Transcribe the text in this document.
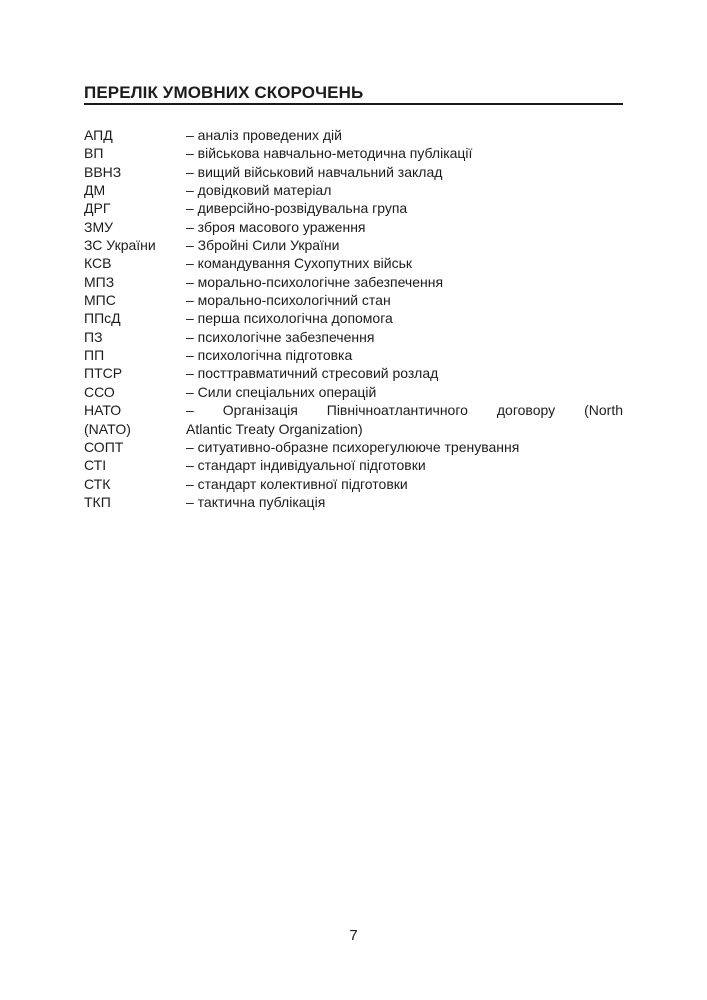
ПЕРЕЛІК УМОВНИХ СКОРОЧЕНЬ
АПД	– аналіз проведених дій
ВП	– військова навчально-методична публікації
ВВНЗ	– вищий військовий навчальний заклад
ДМ	– довідковий матеріал
ДРГ	– диверсійно-розвідувальна група
ЗМУ	– зброя масового ураження
ЗС України	– Збройні Сили України
КСВ	– командування Сухопутних військ
МПЗ	– морально-психологічне забезпечення
МПС	– морально-психологічний стан
ППсД	– перша психологічна допомога
ПЗ	– психологічне забезпечення
ПП	– психологічна підготовка
ПТСР	– посттравматичний стресовий розлад
ССО	– Сили спеціальних операцій
НАТО	– Організація Північноатлантичного договору (North
(NATO)	Atlantic Treaty Organization)
СОПТ	– ситуативно-образне психорегулююче тренування
СТІ	– стандарт індивідуальної підготовки
СТК	– стандарт колективної підготовки
ТКП	– тактична публікація
7
